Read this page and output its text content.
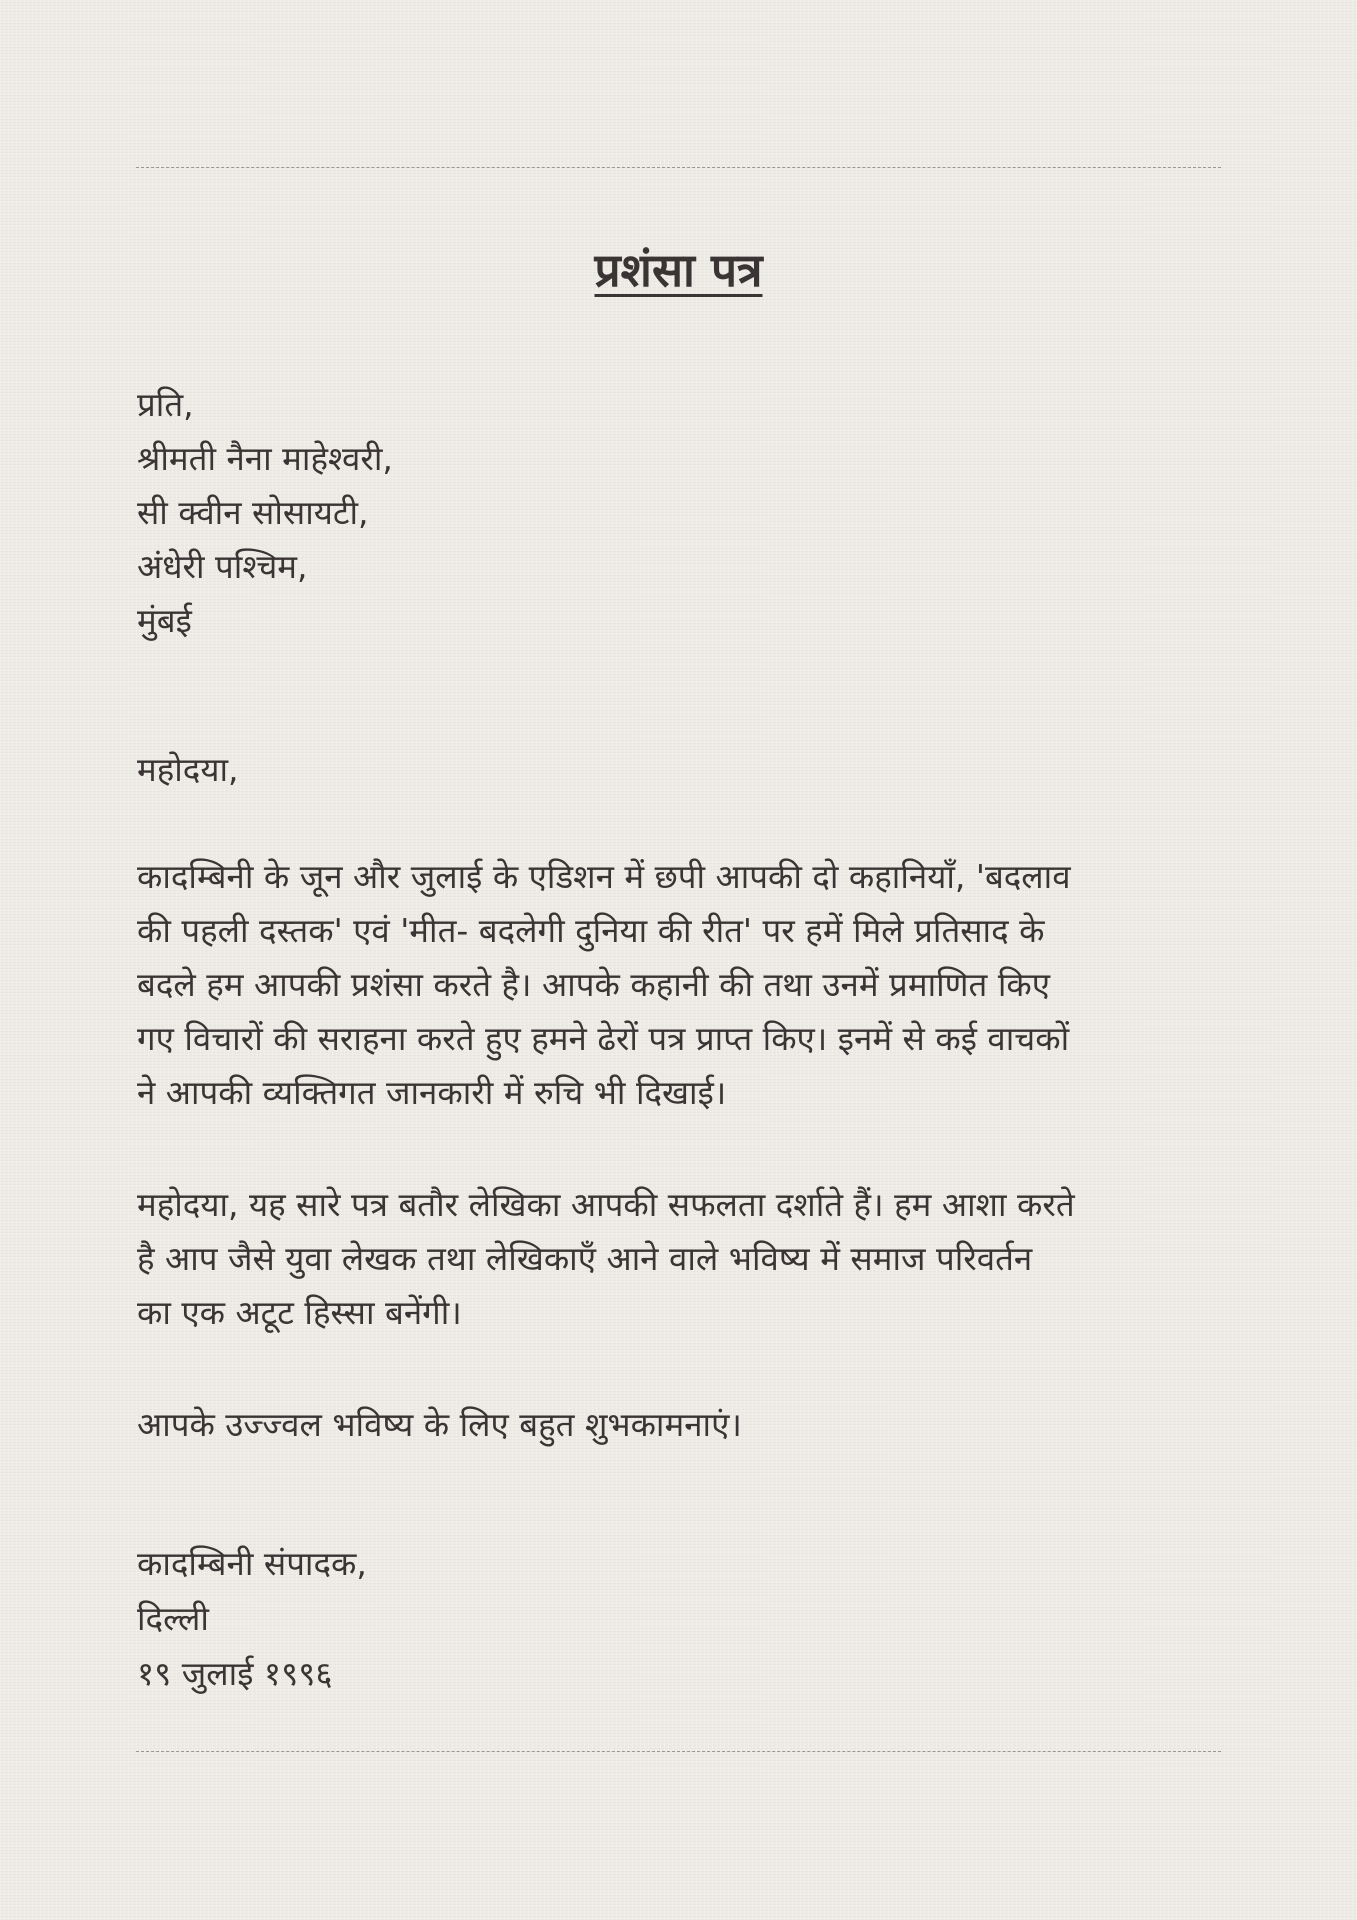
प्रशंसा पत्र
प्रति,
श्रीमती नैना माहेश्वरी,
सी क्वीन सोसायटी,
अंधेरी पश्चिम,
मुंबई
महोदया,
कादम्बिनी के जून और जुलाई के एडिशन में छपी आपकी दो कहानियाँ, 'बदलाव
की पहली दस्तक' एवं 'मीत- बदलेगी दुनिया की रीत' पर हमें मिले प्रतिसाद के
बदले हम आपकी प्रशंसा करते है। आपके कहानी की तथा उनमें प्रमाणित किए
गए विचारों की सराहना करते हुए हमने ढेरों पत्र प्राप्त किए। इनमें से कई वाचकों
ने आपकी व्यक्तिगत जानकारी में रुचि भी दिखाई।
महोदया, यह सारे पत्र बतौर लेखिका आपकी सफलता दर्शाते हैं। हम आशा करते
है आप जैसे युवा लेखक तथा लेखिकाएँ आने वाले भविष्य में समाज परिवर्तन
का एक अटूट हिस्सा बनेंगी।
आपके उज्ज्वल भविष्य के लिए बहुत शुभकामनाएं।
कादम्बिनी संपादक,
दिल्ली
१९ जुलाई १९९६
